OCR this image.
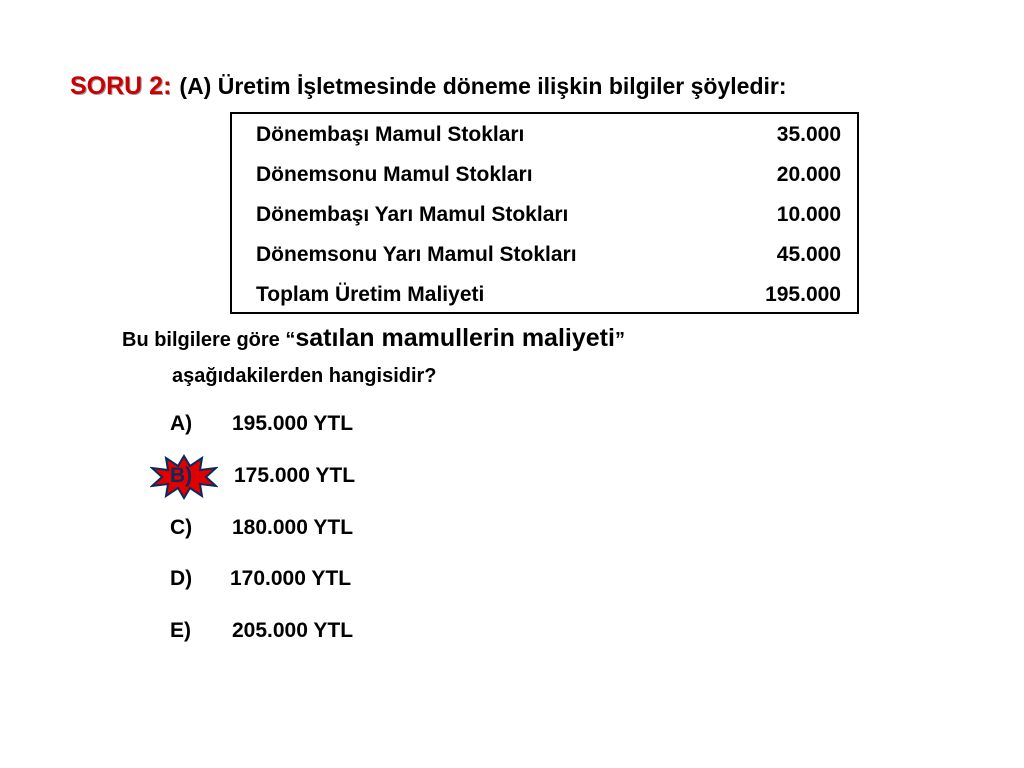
SORU 2: (A) Üretim İşletmesinde döneme ilişkin bilgiler şöyledir:
Dönembaşı Mamul Stokları	35.000
Dönemsonu Mamul Stokları	20.000
Dönembaşı Yarı Mamul Stokları	10.000
Dönemsonu Yarı Mamul Stokları	45.000
Toplam Üretim Maliyeti	195.000
Bu bilgilere göre “satılan mamullerin maliyeti”
aşağıdakilerden hangisidir?
A) 195.000 YTL
B) 175.000 YTL
C) 180.000 YTL
D) 170.000 YTL
E) 205.000 YTL
